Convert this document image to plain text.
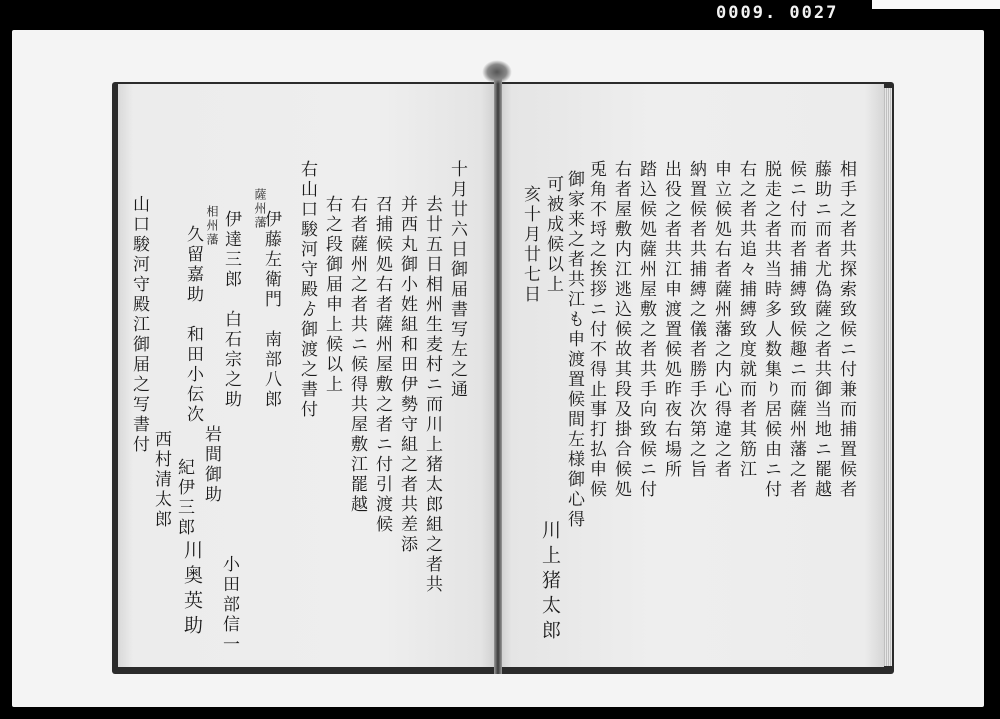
0009. 0027
相手之者共探索致候ニ付兼而捕置候者
藤助ニ而者尤偽薩之者共御当地ニ罷越
候ニ付而者捕縛致候趣ニ而薩州藩之者
脱走之者共当時多人数集り居候由ニ付
右之者共追々捕縛致度就而者其筋江
申立候処右者薩州藩之内心得違之者
納置候者共捕縛之儀者勝手次第之旨
出役之者共江申渡置候処昨夜右場所
踏込候処薩州屋敷之者共手向致候ニ付
右者屋敷内江逃込候故其段及掛合候処
兎角不埒之挨拶ニ付不得止事打払申候
御家来之者共江も申渡置候間左様御心得
可被成候以上
亥十月廿七日
川上猪太郎
十月廿六日御届書写左之通
去廿五日相州生麦村ニ而川上猪太郎組之者共
并西丸御小姓組和田伊勢守組之者共差添
召捕候処右者薩州屋敷之者ニ付引渡候
右者薩州之者共ニ候得共屋敷江罷越
右之段御届申上候以上
右山口駿河守殿ゟ御渡之書付
薩州藩
相州藩 伊藤左衛門　南部八郎
伊達三郎　白石宗之助
久留嘉助　和田小伝次
岩間御助
紀伊三郎
西村清太郎
小田部信一
川奥英助
山口駿河守殿江御届之写書付
